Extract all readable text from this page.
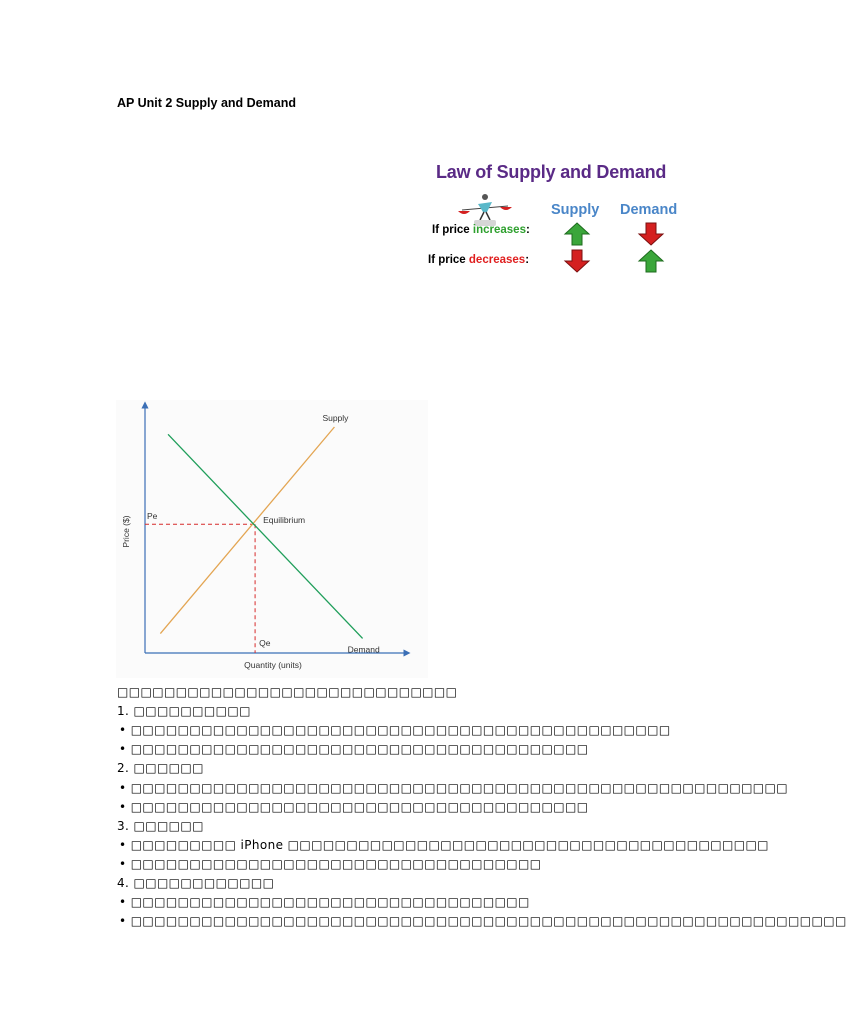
AP Unit 2 Supply and Demand
Law of Supply and Demand
Supply Demand
If price increases:
If price decreases:
Supply
Demand
Equilibrium
Pe
Qe
Quantity (units)
Price ($)
□□□□□□□□□□□□□□□□□□□□□□□□□□□□□
1. □□□□□□□□□□
• □□□□□□□□□□□□□□□□□□□□□□□□□□□□□□□□□□□□□□□□□□□□□□
• □□□□□□□□□□□□□□□□□□□□□□□□□□□□□□□□□□□□□□□
2. □□□□□□
• □□□□□□□□□□□□□□□□□□□□□□□□□□□□□□□□□□□□□□□□□□□□□□□□□□□□□□□□
• □□□□□□□□□□□□□□□□□□□□□□□□□□□□□□□□□□□□□□□
3. □□□□□□
• □□□□□□□□□ iPhone □□□□□□□□□□□□□□□□□□□□□□□□□□□□□□□□□□□□□□□□□
• □□□□□□□□□□□□□□□□□□□□□□□□□□□□□□□□□□□
4. □□□□□□□□□□□□
• □□□□□□□□□□□□□□□□□□□□□□□□□□□□□□□□□□
• □□□□□□□□□□□□□□□□□□□□□□□□□□□□□□□□□□□□□□□□□□□□□□□□□□□□□□□□□□□□□
